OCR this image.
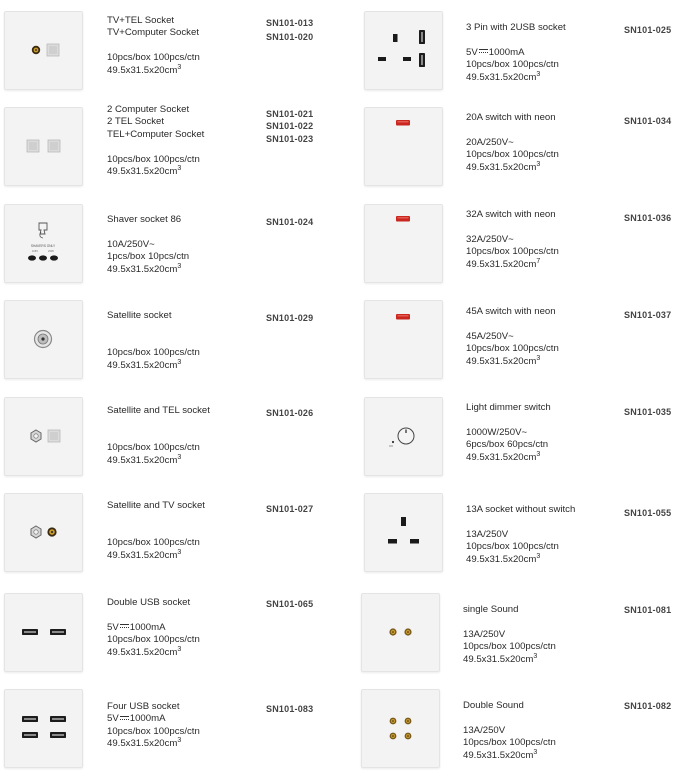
TV+TEL Socket
TV+Computer Socket
10pcs/box 100pcs/ctn
$49.5x31.5x20cm^3$
SN101-013
SN101-020
2 Computer Socket
2 TEL Socket
TEL+Computer Socket
10pcs/box 100pcs/ctn
$49.5x31.5x20cm^3$
SN101-021
SN101-022
SN101-023
SHAVERS ONLY
115V	230V
Shaver socket 86
10A/250V~
1pcs/box 10pcs/ctn
$49.5x31.5x20cm^3$
SN101-024
Satellite socket
10pcs/box 100pcs/ctn
$49.5x31.5x20cm^3$
SN101-029
Satellite and TEL socket
10pcs/box 100pcs/ctn
$49.5x31.5x20cm^3$
SN101-026
Satellite and TV socket
10pcs/box 100pcs/ctn
$49.5x31.5x20cm^3$
SN101-027
Double USB socket
5V 1000mA
10pcs/box 100pcs/ctn
$49.5x31.5x20cm^3$
SN101-065
Four USB socket
5V 1000mA
10pcs/box 100pcs/ctn
$49.5x31.5x20cm^3$
SN101-083
3 Pin with 2USB socket
5V 1000mA
10pcs/box 100pcs/ctn
$49.5x31.5x20cm^3$
SN101-025
20A switch with neon
20A/250V~
10pcs/box 100pcs/ctn
$49.5x31.5x20cm^3$
SN101-034
32A switch with neon
32A/250V~
10pcs/box 100pcs/ctn
$49.5x31.5x20cm^7$
SN101-036
45A switch with neon
45A/250V~
10pcs/box 100pcs/ctn
$49.5x31.5x20cm^3$
SN101-037
Light dimmer switch
1000W/250V~
6pcs/box 60pcs/ctn
$49.5x31.5x20cm^3$
SN101-035
13A socket without switch
13A/250V
10pcs/box 100pcs/ctn
$49.5x31.5x20cm^3$
SN101-055
single Sound
13A/250V
10pcs/box 100pcs/ctn
$49.5x31.5x20cm^3$
SN101-081
Double Sound
13A/250V
10pcs/box 100pcs/ctn
$49.5x31.5x20cm^3$
SN101-082
